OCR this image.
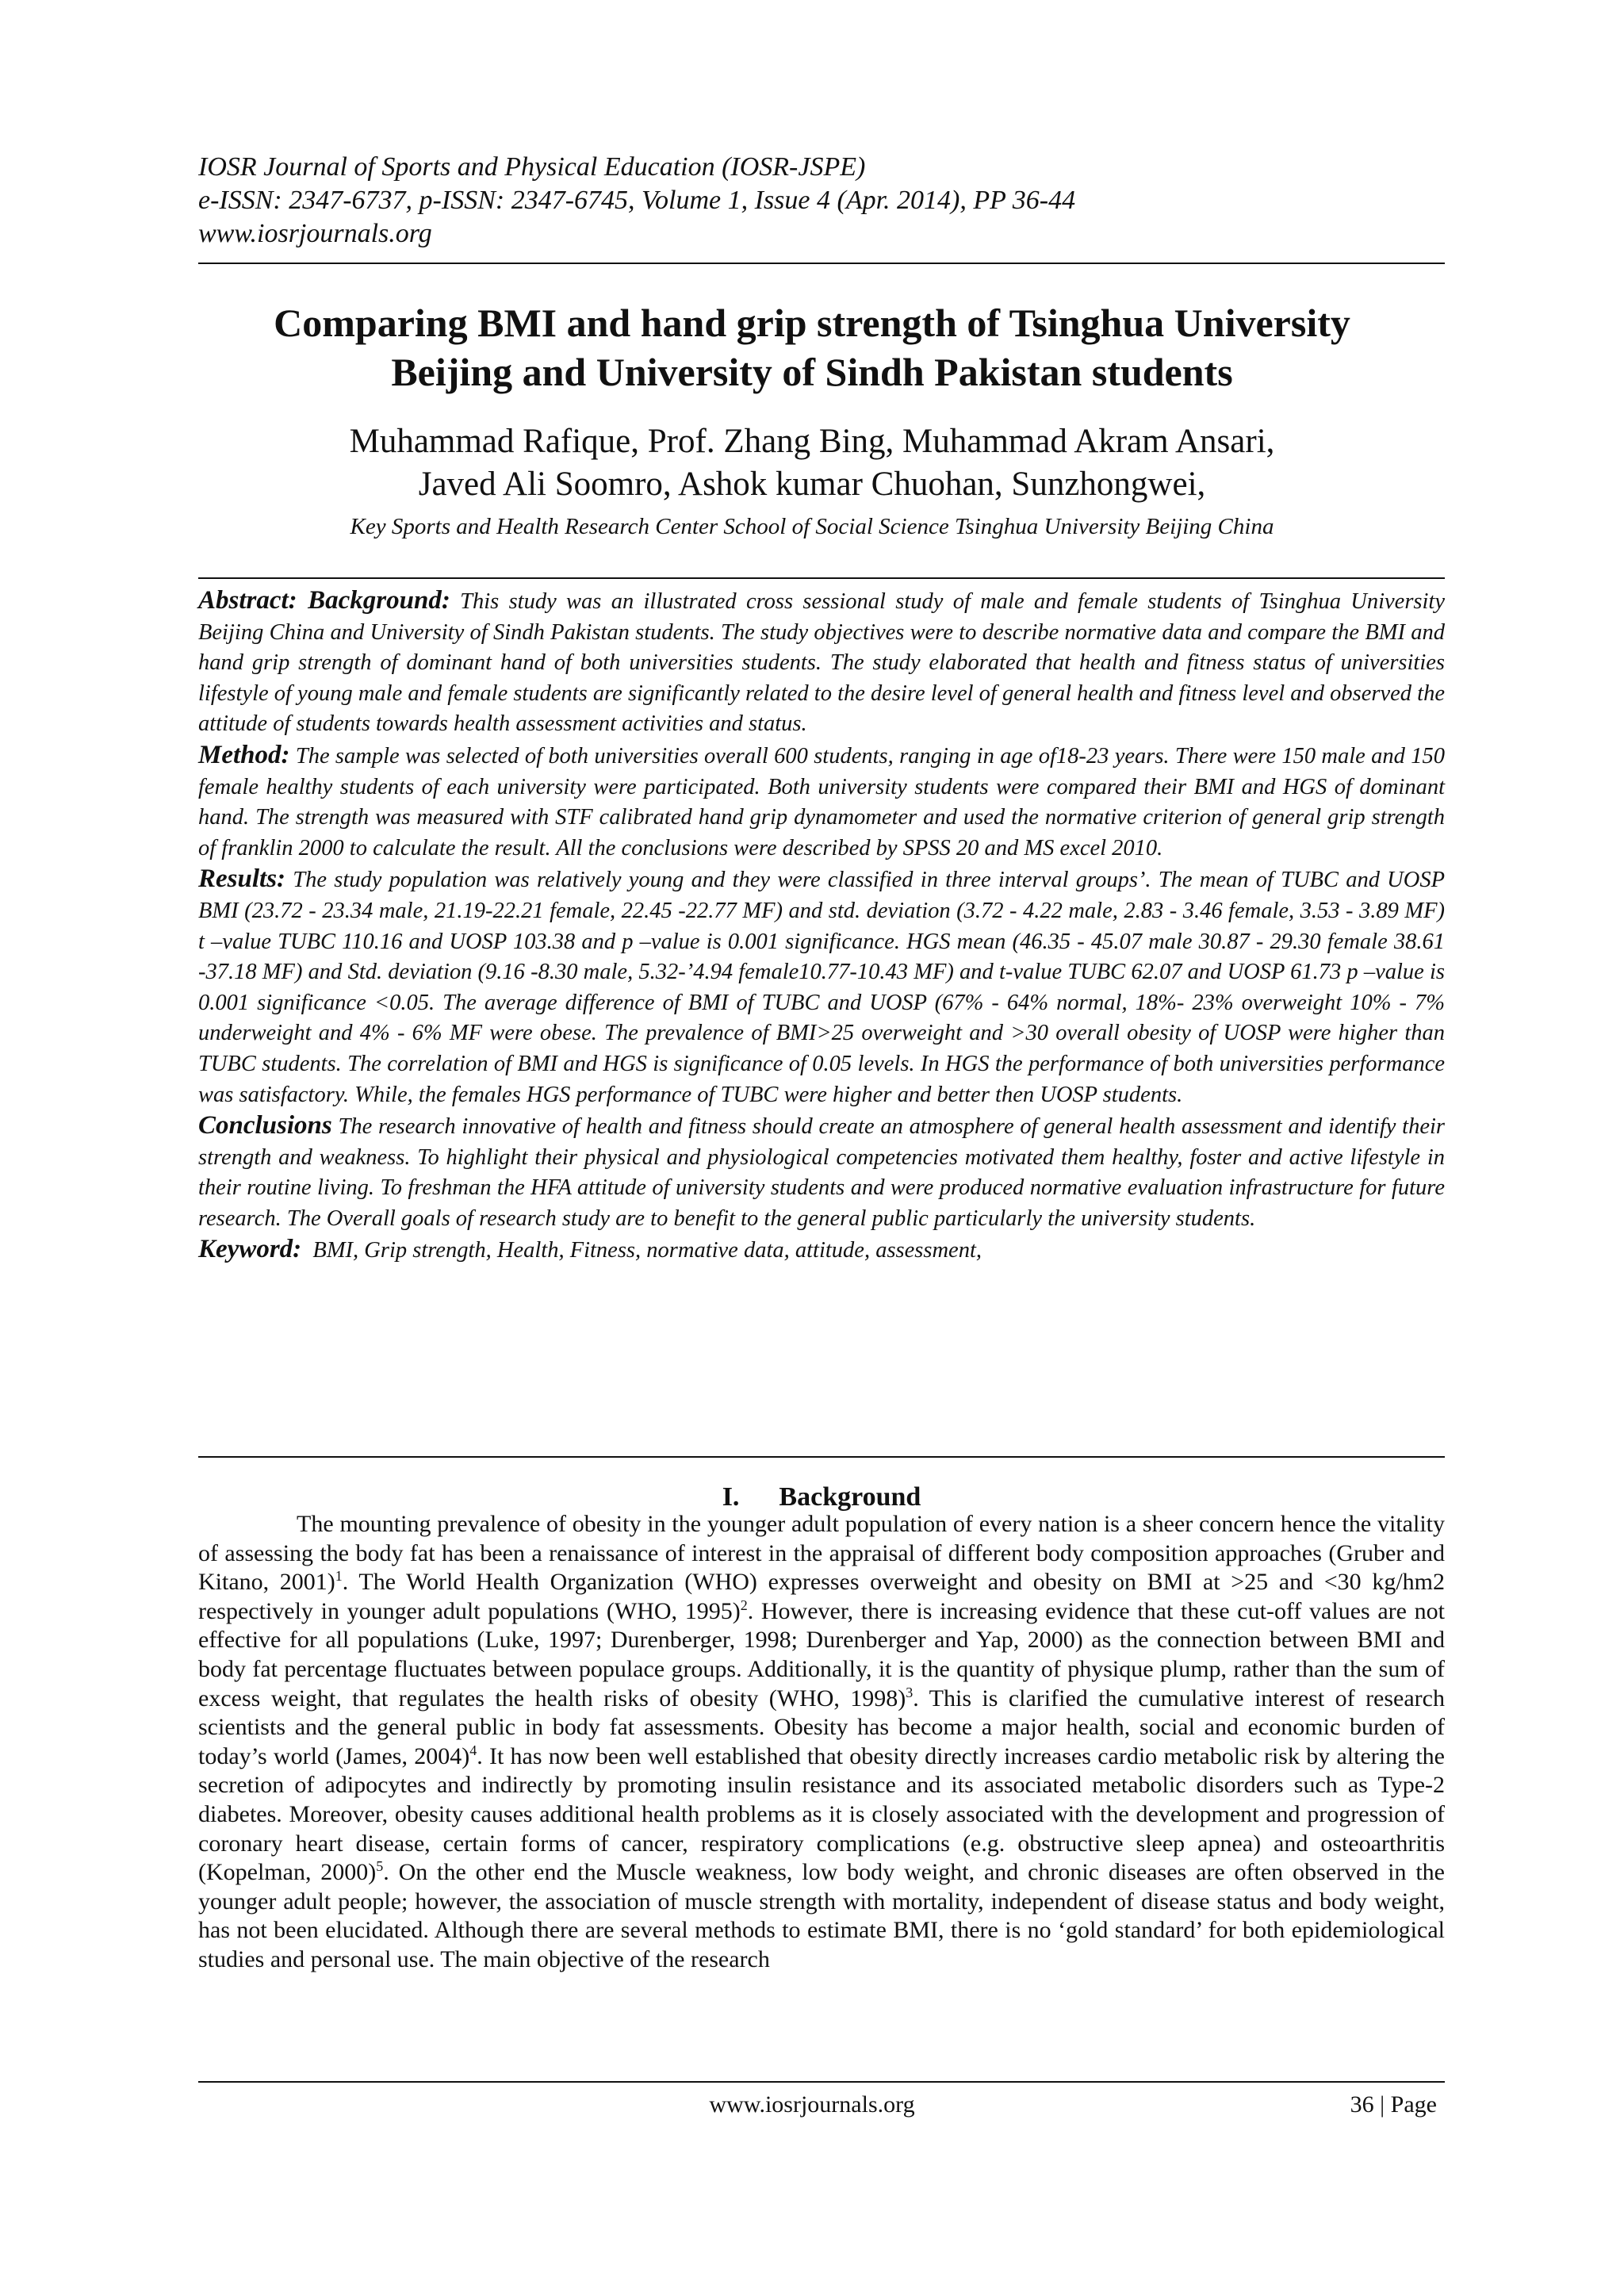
IOSR Journal of Sports and Physical Education (IOSR-JSPE)
e-ISSN: 2347-6737, p-ISSN: 2347-6745, Volume 1, Issue 4 (Apr. 2014), PP 36-44
www.iosrjournals.org
Comparing BMI and hand grip strength of Tsinghua University
Beijing and University of Sindh Pakistan students
Muhammad Rafique, Prof. Zhang Bing, Muhammad Akram Ansari,
Javed Ali Soomro, Ashok kumar Chuohan, Sunzhongwei,
Key Sports and Health Research Center School of Social Science Tsinghua University Beijing China

Abstract: Background: This study was an illustrated cross sessional study of male and female students of Tsinghua University Beijing China and University of Sindh Pakistan students. The study objectives were to describe normative data and compare the BMI and hand grip strength of dominant hand of both universities students. The study elaborated that health and fitness status of universities lifestyle of young male and female students are significantly related to the desire level of general health and fitness level and observed the attitude of students towards health assessment activities and status.

Method: The sample was selected of both universities overall 600 students, ranging in age of18-23 years. There were 150 male and 150 female healthy students of each university were participated. Both university students were compared their BMI and HGS of dominant hand. The strength was measured with STF calibrated hand grip dynamometer and used the normative criterion of general grip strength of franklin 2000 to calculate the result. All the conclusions were described by SPSS 20 and MS excel 2010.

Results: The study population was relatively young and they were classified in three interval groups’. The mean of TUBC and UOSP BMI (23.72 - 23.34 male, 21.19-22.21 female, 22.45 -22.77 MF) and std. deviation (3.72 - 4.22 male, 2.83 - 3.46 female, 3.53 - 3.89 MF) t –value TUBC 110.16 and UOSP 103.38 and p –value is 0.001 significance. HGS mean (46.35 - 45.07 male 30.87 - 29.30 female 38.61 -37.18 MF) and Std. deviation (9.16 -8.30 male, 5.32-’4.94 female10.77-10.43 MF) and t-value TUBC 62.07 and UOSP 61.73 p –value is 0.001 significance <0.05. The average difference of BMI of TUBC and UOSP (67% - 64% normal, 18%- 23% overweight 10% - 7% underweight and 4% - 6% MF were obese. The prevalence of BMI>25 overweight and >30 overall obesity of UOSP were higher than TUBC students. The correlation of BMI and HGS is significance of 0.05 levels. In HGS the performance of both universities performance was satisfactory. While, the females HGS performance of TUBC were higher and better then UOSP students.

Conclusions The research innovative of health and fitness should create an atmosphere of general health assessment and identify their strength and weakness. To highlight their physical and physiological competencies motivated them healthy, foster and active lifestyle in their routine living. To freshman the HFA attitude of university students and were produced normative evaluation infrastructure for future research. The Overall goals of research study are to benefit to the general public particularly the university students.

Keyword: BMI, Grip strength, Health, Fitness, normative data, attitude, assessment,

I. Background

The mounting prevalence of obesity in the younger adult population of every nation is a sheer concern hence the vitality of assessing the body fat has been a renaissance of interest in the appraisal of different body composition approaches (Gruber and Kitano, 2001)$^1$. The World Health Organization (WHO) expresses overweight and obesity on BMI at >25 and <30 kg/hm2 respectively in younger adult populations (WHO, 1995)$^2$. However, there is increasing evidence that these cut-off values are not effective for all populations (Luke, 1997; Durenberger, 1998; Durenberger and Yap, 2000) as the connection between BMI and body fat percentage fluctuates between populace groups. Additionally, it is the quantity of physique plump, rather than the sum of excess weight, that regulates the health risks of obesity (WHO, 1998)$^3$. This is clarified the cumulative interest of research scientists and the general public in body fat assessments. Obesity has become a major health, social and economic burden of today’s world (James, 2004)$^4$. It has now been well established that obesity directly increases cardio metabolic risk by altering the secretion of adipocytes and indirectly by promoting insulin resistance and its associated metabolic disorders such as Type-2 diabetes. Moreover, obesity causes additional health problems as it is closely associated with the development and progression of coronary heart disease, certain forms of cancer, respiratory complications (e.g. obstructive sleep apnea) and osteoarthritis (Kopelman, 2000)$^5$. On the other end the Muscle weakness, low body weight, and chronic diseases are often observed in the younger adult people; however, the association of muscle strength with mortality, independent of disease status and body weight, has not been elucidated. Although there are several methods to estimate BMI, there is no ‘gold standard’ for both epidemiological studies and personal use. The main objective of the research

www.iosrjournals.org	36 | Page
